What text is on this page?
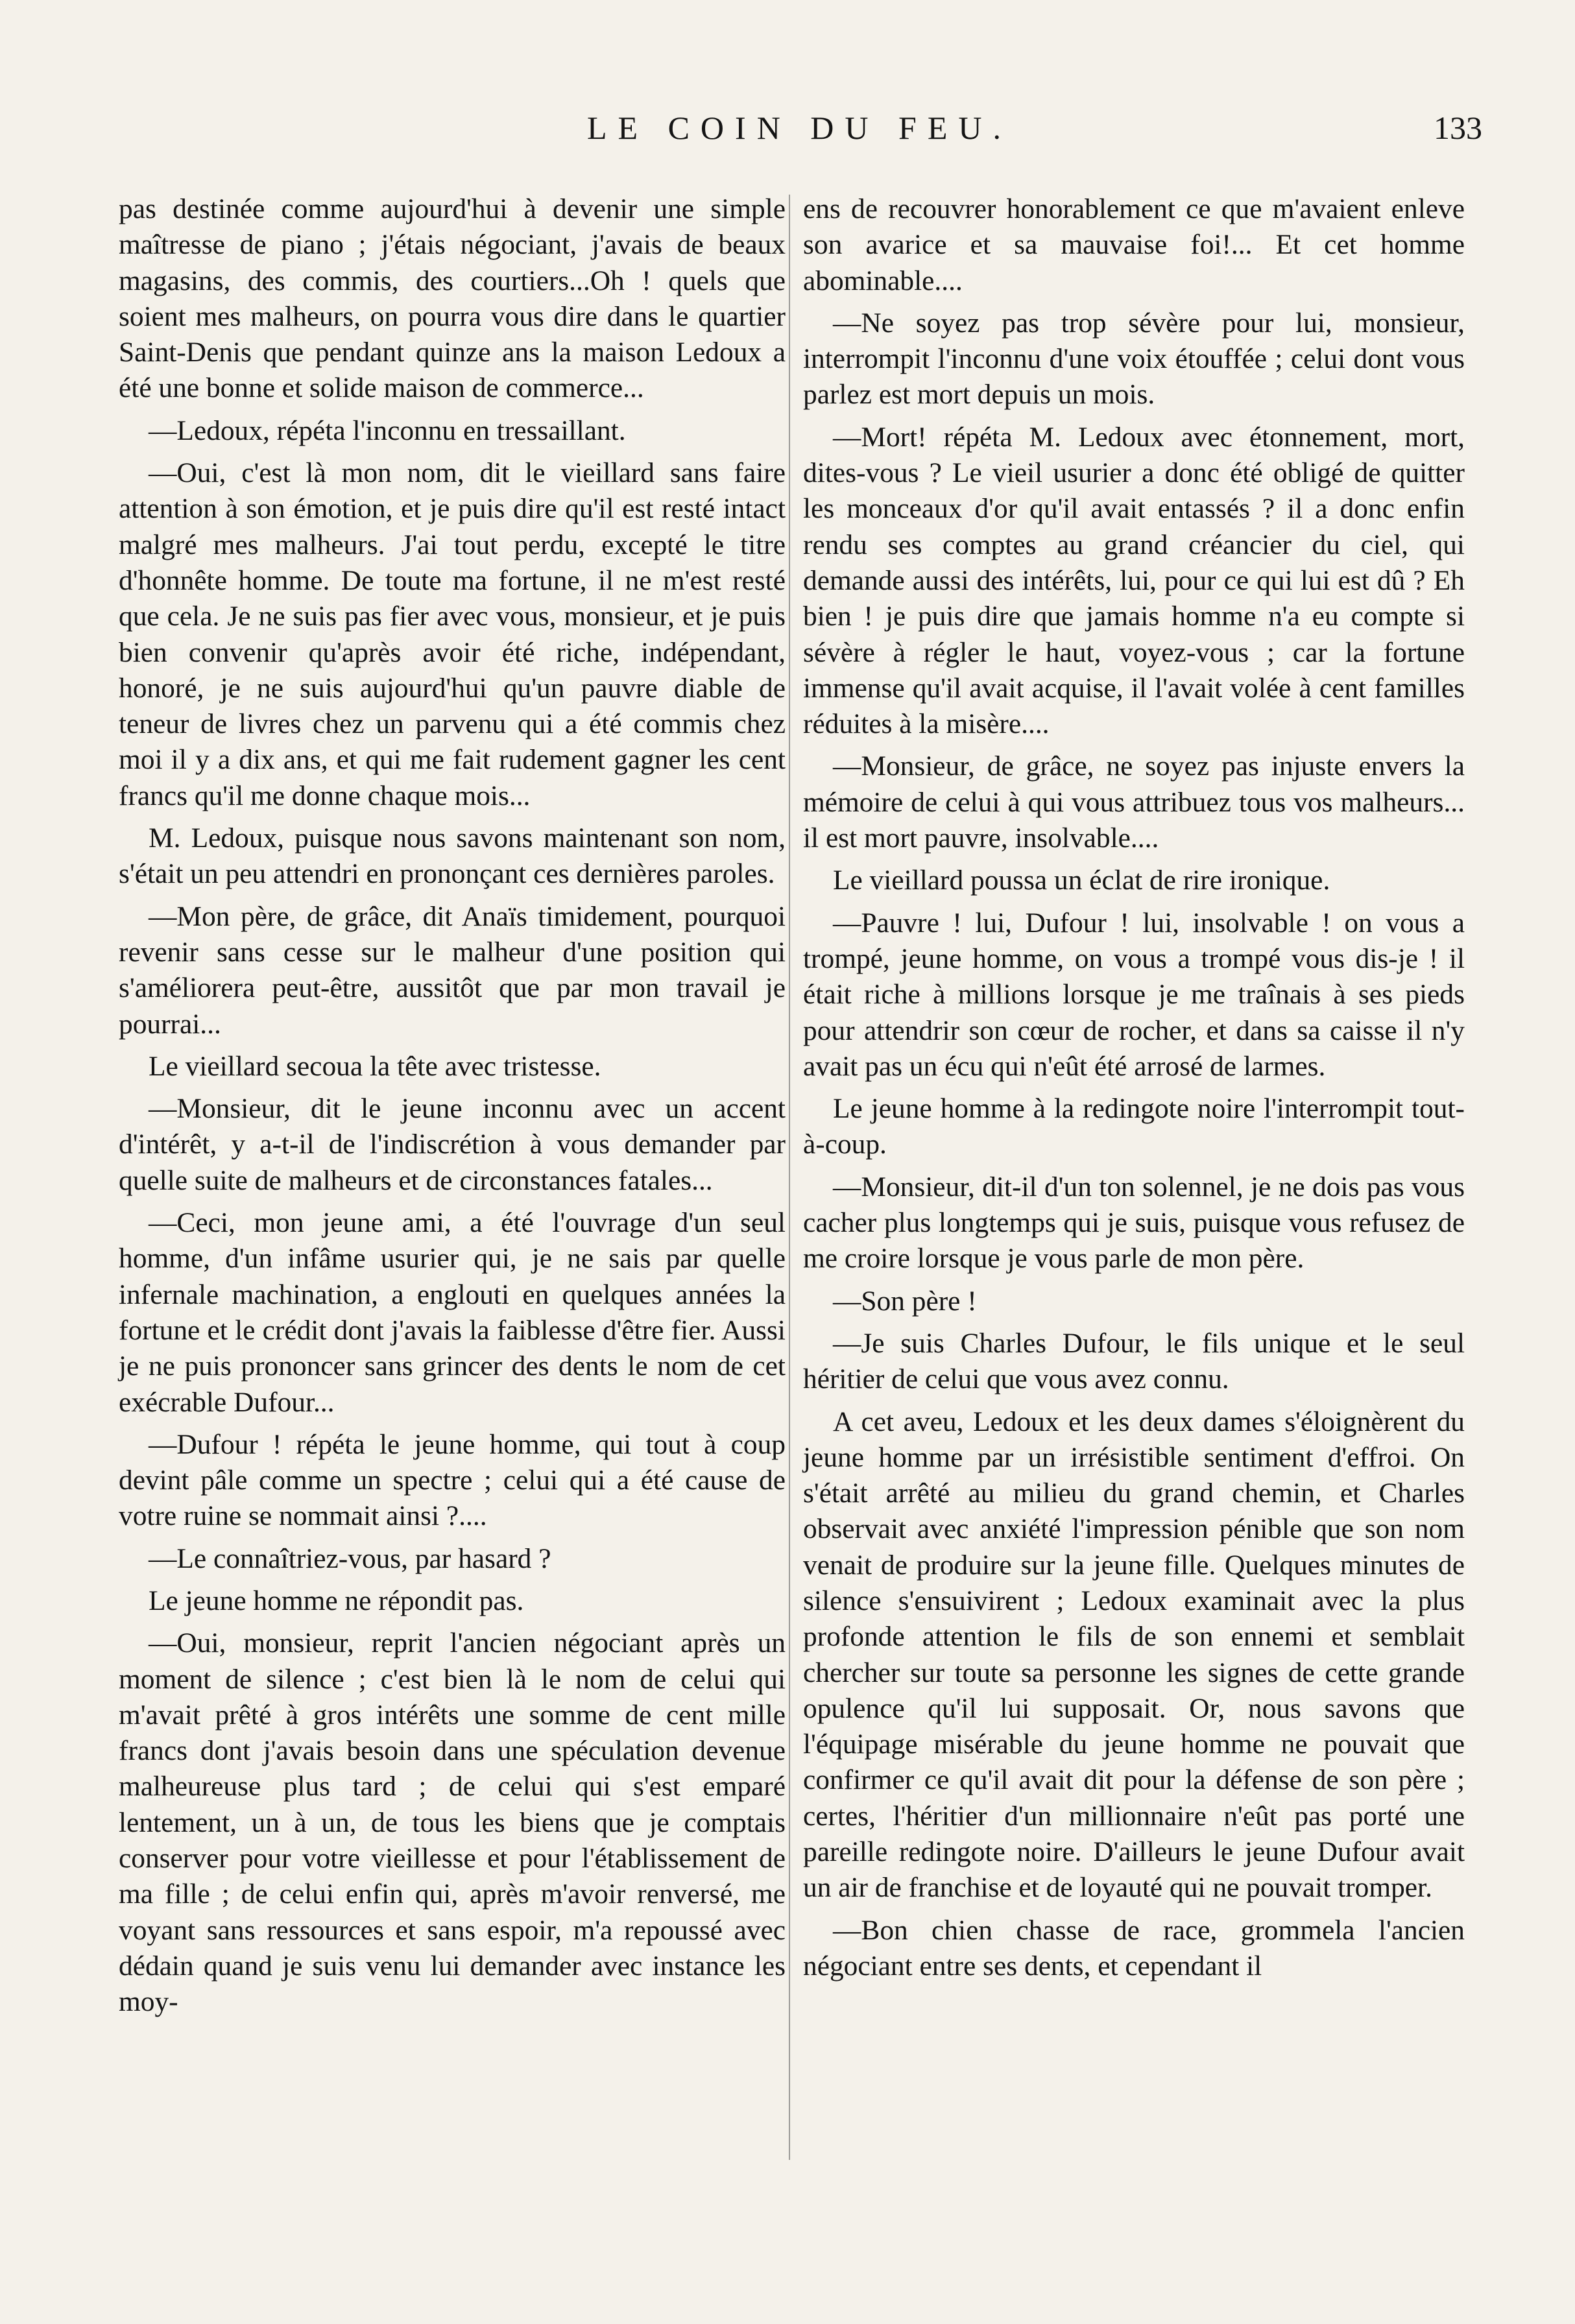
LE COIN DU FEU.	133

pas destinée comme aujourd'hui à devenir une simple maîtresse de piano ; j'étais négociant, j'avais de beaux magasins, des commis, des courtiers...Oh ! quels que soient mes malheurs, on pourra vous dire dans le quartier Saint-Denis que pendant quinze ans la maison Ledoux a été une bonne et solide maison de commerce...

—Ledoux, répéta l'inconnu en tressaillant.

—Oui, c'est là mon nom, dit le vieillard sans faire attention à son émotion, et je puis dire qu'il est resté intact malgré mes malheurs. J'ai tout perdu, excepté le titre d'honnête homme. De toute ma fortune, il ne m'est resté que cela. Je ne suis pas fier avec vous, monsieur, et je puis bien convenir qu'après avoir été riche, indépendant, honoré, je ne suis aujourd'hui qu'un pauvre diable de teneur de livres chez un parvenu qui a été commis chez moi il y a dix ans, et qui me fait rudement gagner les cent francs qu'il me donne chaque mois...

M. Ledoux, puisque nous savons maintenant son nom, s'était un peu attendri en prononçant ces dernières paroles.

—Mon père, de grâce, dit Anaïs timidement, pourquoi revenir sans cesse sur le malheur d'une position qui s'améliorera peut-être, aussitôt que par mon travail je pourrai...

Le vieillard secoua la tête avec tristesse.

—Monsieur, dit le jeune inconnu avec un accent d'intérêt, y a-t-il de l'indiscrétion à vous demander par quelle suite de malheurs et de circonstances fatales...

—Ceci, mon jeune ami, a été l'ouvrage d'un seul homme, d'un infâme usurier qui, je ne sais par quelle infernale machination, a englouti en quelques années la fortune et le crédit dont j'avais la faiblesse d'être fier. Aussi je ne puis prononcer sans grincer des dents le nom de cet exécrable Dufour...

—Dufour ! répéta le jeune homme, qui tout à coup devint pâle comme un spectre ; celui qui a été cause de votre ruine se nommait ainsi ?....

—Le connaîtriez-vous, par hasard ?

Le jeune homme ne répondit pas.

—Oui, monsieur, reprit l'ancien négociant après un moment de silence ; c'est bien là le nom de celui qui m'avait prêté à gros intérêts une somme de cent mille francs dont j'avais besoin dans une spéculation devenue malheureuse plus tard ; de celui qui s'est emparé lentement, un à un, de tous les biens que je comptais conserver pour votre vieillesse et pour l'établissement de ma fille ; de celui enfin qui, après m'avoir renversé, me voyant sans ressources et sans espoir, m'a repoussé avec dédain quand je suis venu lui demander avec instance les moy-

ens de recouvrer honorablement ce que m'avaient enleve son avarice et sa mauvaise foi!... Et cet homme abominable....

—Ne soyez pas trop sévère pour lui, monsieur, interrompit l'inconnu d'une voix étouffée ; celui dont vous parlez est mort depuis un mois.

—Mort! répéta M. Ledoux avec étonnement, mort, dites-vous ? Le vieil usurier a donc été obligé de quitter les monceaux d'or qu'il avait entassés ? il a donc enfin rendu ses comptes au grand créancier du ciel, qui demande aussi des intérêts, lui, pour ce qui lui est dû ? Eh bien ! je puis dire que jamais homme n'a eu compte si sévère à régler le haut, voyez-vous ; car la fortune immense qu'il avait acquise, il l'avait volée à cent familles réduites à la misère....

—Monsieur, de grâce, ne soyez pas injuste envers la mémoire de celui à qui vous attribuez tous vos malheurs... il est mort pauvre, insolvable....

Le vieillard poussa un éclat de rire ironique.

—Pauvre ! lui, Dufour ! lui, insolvable ! on vous a trompé, jeune homme, on vous a trompé vous dis-je ! il était riche à millions lorsque je me traînais à ses pieds pour attendrir son cœur de rocher, et dans sa caisse il n'y avait pas un écu qui n'eût été arrosé de larmes.

Le jeune homme à la redingote noire l'interrompit tout-à-coup.

—Monsieur, dit-il d'un ton solennel, je ne dois pas vous cacher plus longtemps qui je suis, puisque vous refusez de me croire lorsque je vous parle de mon père.

—Son père !

—Je suis Charles Dufour, le fils unique et le seul héritier de celui que vous avez connu.

A cet aveu, Ledoux et les deux dames s'éloignèrent du jeune homme par un irrésistible sentiment d'effroi. On s'était arrêté au milieu du grand chemin, et Charles observait avec anxiété l'impression pénible que son nom venait de produire sur la jeune fille. Quelques minutes de silence s'ensuivirent ; Ledoux examinait avec la plus profonde attention le fils de son ennemi et semblait chercher sur toute sa personne les signes de cette grande opulence qu'il lui supposait. Or, nous savons que l'équipage misérable du jeune homme ne pouvait que confirmer ce qu'il avait dit pour la défense de son père ; certes, l'héritier d'un millionnaire n'eût pas porté une pareille redingote noire. D'ailleurs le jeune Dufour avait un air de franchise et de loyauté qui ne pouvait tromper.

—Bon chien chasse de race, grommela l'ancien négociant entre ses dents, et cependant il
